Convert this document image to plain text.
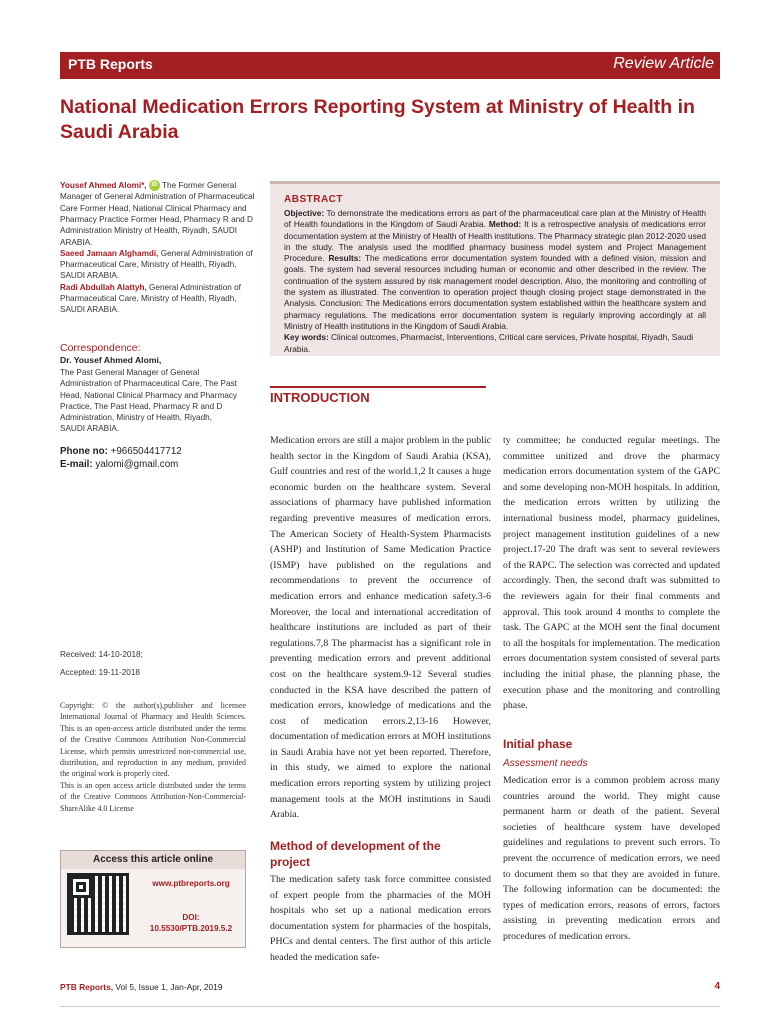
PTB Reports	Review Article
National Medication Errors Reporting System at Ministry of Health in Saudi Arabia
Yousef Ahmed Alomi*, iD The Former General Manager of General Administration of Pharmaceutical Care Former Head, National Clinical Pharmacy and Pharmacy Practice Former Head, Pharmacy R and D Administration Ministry of Health, Riyadh, SAUDI ARABIA.
Saeed Jamaan Alghamdi, General Administration of Pharmaceutical Care, Ministry of Health, Riyadh, SAUDI ARABIA.
Radi Abdullah Alattyh, General Administration of Pharmaceutical Care, Ministry of Health, Riyadh, SAUDI ARABIA.
Correspondence:
Dr. Yousef Ahmed Alomi,
The Past General Manager of General Administration of Pharmaceutical Care, The Past Head, National Clinical Pharmacy and Pharmacy Practice, The Past Head, Pharmacy R and D Administration, Ministry of Health, Riyadh, SAUDI ARABIA.
Phone no: +966504417712
E-mail: yalomi@gmail.com
Received: 14-10-2018;
Accepted: 19-11-2018

Copyright: © the author(s),publisher and licensee International Journal of Pharmacy and Health Sciences. This is an open-access article distributed under the terms of the Creative Commons Attribution Non-Commercial License, which permits unrestricted non-commercial use, distribution, and reproduction in any medium, provided the original work is properly cited.

This is an open access article distributed under the terms of the Creative Commons Attribution-Non-Commercial-ShareAlike 4.0 License

Access this article online
www.ptbreports.org
DOI:
10.5530/PTB.2019.5.2
ABSTRACT

Objective: To demonstrate the medications errors as part of the pharmaceutical care plan at the Ministry of Health of Health foundations in the Kingdom of Saudi Arabia. Method: It is a retrospective analysis of medications error documentation system at the Ministry of Health of Health institutions. The Pharmacy strategic plan 2012-2020 used in the study. The analysis used the modified pharmacy business model system and Project Management Procedure. Results: The medications error documentation system founded with a defined vision, mission and goals. The system had several resources including human or economic and other described in the review. The continuation of the system assured by risk management model description. Also, the monitoring and controlling of the system as illustrated. The convention to operation project though closing project stage demonstrated in the Analysis. Conclusion: The Medications errors documentation system established within the healthcare system and pharmacy regulations. The medications error documentation system is regularly improving accordingly at all Ministry of Health institutions in the Kingdom of Saudi Arabia.

Key words: Clinical outcomes, Pharmacist, Interventions, Critical care services, Private hospital, Riyadh, Saudi Arabia.

INTRODUCTION

Medication errors are still a major problem in the public health sector in the Kingdom of Saudi Arabia (KSA), Gulf countries and rest of the world.1,2 It causes a huge economic burden on the healthcare system. Several associations of pharmacy have published information regarding preventive measures of medication errors. The American Society of Health-System Pharmacists (ASHP) and Institution of Same Medication Practice (ISMP) have published on the regulations and recommendations to prevent the occurrence of medication errors and enhance medication safety.3-6 Moreover, the local and international accreditation of healthcare institutions are included as part of their regulations.7,8 The pharmacist has a significant role in preventing medication errors and prevent additional cost on the healthcare system.9-12 Several studies conducted in the KSA have described the pattern of medication errors, knowledge of medications and the cost of medication errors.2,13-16 However, documentation of medication errors at MOH institutions in Saudi Arabia have not yet been reported. Therefore, in this study, we aimed to explore the national medication errors reporting system by utilizing project management tools at the MOH institutions in Saudi Arabia.

ty committee; he conducted regular meetings. The committee unitized and drove the pharmacy medication errors documentation system of the GAPC and some developing non-MOH hospitals. In addition, the medication errors written by utilizing the international business model, pharmacy guidelines, project management institution guidelines of a new project.17-20 The draft was sent to several reviewers of the RAPC. The selection was corrected and updated accordingly. Then, the second draft was submitted to the reviewers again for their final comments and approval. This took around 4 months to complete the task. The GAPC at the MOH sent the final document to all the hospitals for implementation. The medication errors documentation system consisted of several parts including the initial phase, the planning phase, the execution phase and the monitoring and controlling phase.

Method of development of the project

The medication safety task force committee consisted of expert people from the pharmacies of the MOH hospitals who set up a national medication errors documentation system for pharmacies of the hospitals, PHCs and dental centers. The first author of this article headed the medication safe-

Initial phase
Assessment needs

Medication error is a common problem across many countries around the world. They might cause permanent harm or death of the patient. Several societies of healthcare system have developed guidelines and regulations to prevent such errors. To prevent the occurrence of medication errors, we need to document them so that they are avoided in future. The following information can be documented: the types of medication errors, reasons of errors, factors assisting in preventing medication errors and procedures of medication errors.

PTB Reports, Vol 5, Issue 1, Jan-Apr, 2019	4
